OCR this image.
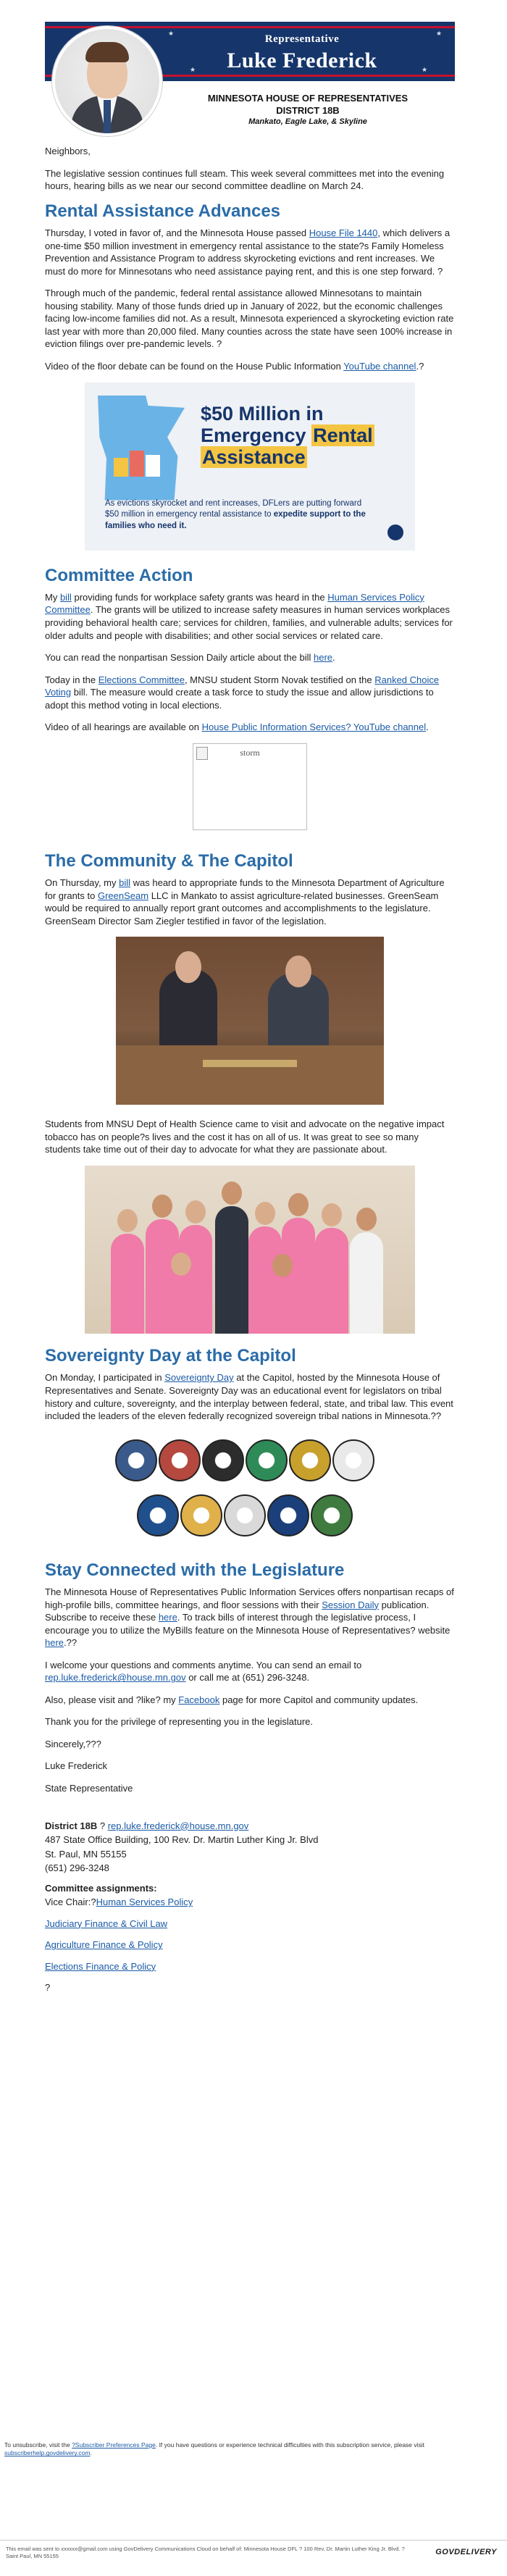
★	★
★	★
Representative
Luke Frederick
MINNESOTA HOUSE OF REPRESENTATIVES
DISTRICT 18B
Mankato, Eagle Lake, & Skyline

Neighbors,

The legislative session continues full steam. This week several committees met into the evening hours, hearing bills as we near our second committee deadline on March 24.

Rental Assistance Advances

Thursday, I voted in favor of, and the Minnesota House passed House File 1440, which delivers a one-time $50 million investment in emergency rental assistance to the state?s Family Homeless Prevention and Assistance Program to address skyrocketing evictions and rent increases. We must do more for Minnesotans who need assistance paying rent, and this is one step forward. ?

Through much of the pandemic, federal rental assistance allowed Minnesotans to maintain housing stability. Many of those funds dried up in January of 2022, but the economic challenges facing low-income families did not. As a result, Minnesota experienced a skyrocketing eviction rate last year with more than 20,000 filed. Many counties across the state have seen 100% increase in eviction filings over pre-pandemic levels. ?

Video of the floor debate can be found on the House Public Information YouTube channel.?

$50 Million in
Emergency Rental
Assistance
As evictions skyrocket and rent increases, DFLers are putting forward $50 million in emergency rental assistance to expedite support to the families who need it.
Committee Action

My bill providing funds for workplace safety grants was heard in the Human Services Policy Committee. The grants will be utilized to increase safety measures in human services workplaces providing behavioral health care; services for children, families, and vulnerable adults; services for older adults and people with disabilities; and other social services or related care.

You can read the nonpartisan Session Daily article about the bill here.

Today in the Elections Committee, MNSU student Storm Novak testified on the Ranked Choice Voting bill. The measure would create a task force to study the issue and allow jurisdictions to adopt this method voting in local elections.

Video of all hearings are available on House Public Information Services? YouTube channel.

storm
The Community & The Capitol

On Thursday, my bill was heard to appropriate funds to the Minnesota Department of Agriculture for grants to GreenSeam LLC in Mankato to assist agriculture-related businesses. GreenSeam would be required to annually report grant outcomes and accomplishments to the legislature. GreenSeam Director Sam Ziegler testified in favor of the legislation.

Students from MNSU Dept of Health Science came to visit and advocate on the negative impact tobacco has on people?s lives and the cost it has on all of us. It was great to see so many students take time out of their day to advocate for what they are passionate about.

Sovereignty Day at the Capitol

On Monday, I participated in Sovereignty Day at the Capitol, hosted by the Minnesota House of Representatives and Senate. Sovereignty Day was an educational event for legislators on tribal history and culture, sovereignty, and the interplay between federal, state, and tribal law. This event included the leaders of the eleven federally recognized sovereign tribal nations in Minnesota.??

Stay Connected with the Legislature

The Minnesota House of Representatives Public Information Services offers nonpartisan recaps of high-profile bills, committee hearings, and floor sessions with their Session Daily publication. Subscribe to receive these here. To track bills of interest through the legislative process, I encourage you to utilize the MyBills feature on the Minnesota House of Representatives? website here.??

I welcome your questions and comments anytime. You can send an email to rep.luke.frederick@house.mn.gov or call me at (651) 296-3248.

Also, please visit and ?like? my Facebook page for more Capitol and community updates.

Thank you for the privilege of representing you in the legislature.

Sincerely,???

Luke Frederick

State Representative

District 18B ? rep.luke.frederick@house.mn.gov

487 State Office Building, 100 Rev. Dr. Martin Luther King Jr. Blvd

St. Paul, MN 55155

(651) 296-3248

Committee assignments:

Vice Chair:?Human Services Policy

Judiciary Finance & Civil Law

Agriculture Finance & Policy

Elections Finance & Policy

?

To unsubscribe, visit the ?Subscriber Preferences Page. If you have questions or experience technical difficulties with this subscription service, please visit subscriberhelp.govdelivery.com.
This email was sent to xxxxxx@gmail.com using GovDelivery Communications Cloud on behalf of: Minnesota House DFL ? 100 Rev. Dr. Martin Luther King Jr. Blvd. ? Saint Paul, MN 55155	GOVDELIVERY
